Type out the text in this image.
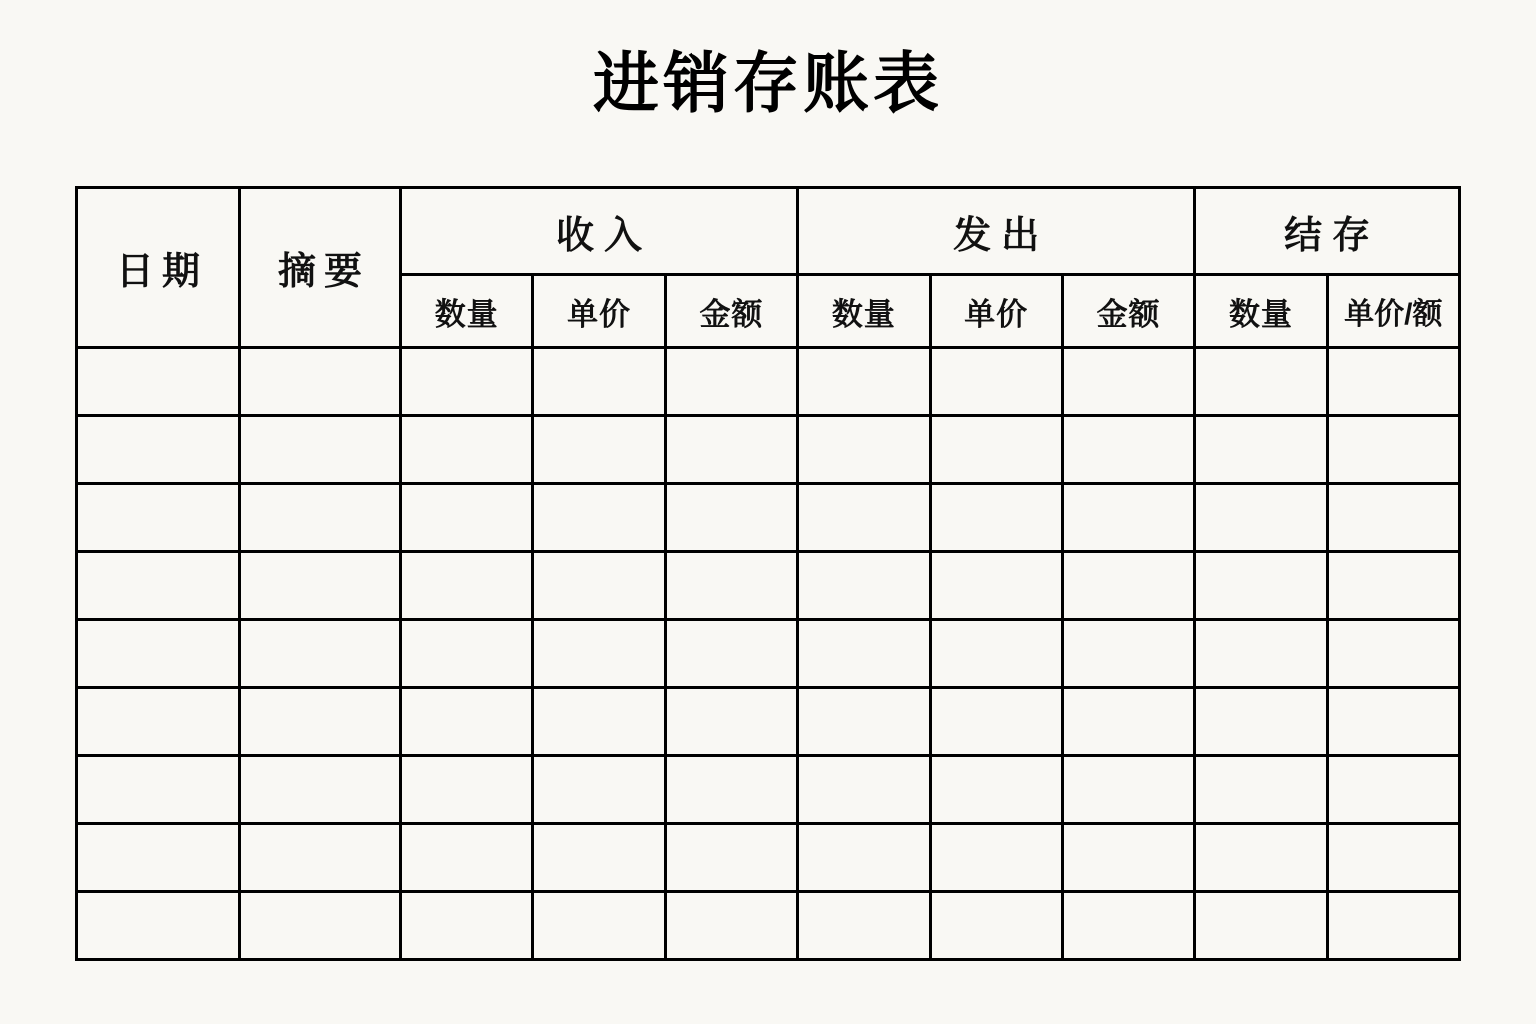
进销存账表
日期	摘要	收入			发出			结存	
		数量	单价	金额	数量	单价	金额	数量	单价/额
